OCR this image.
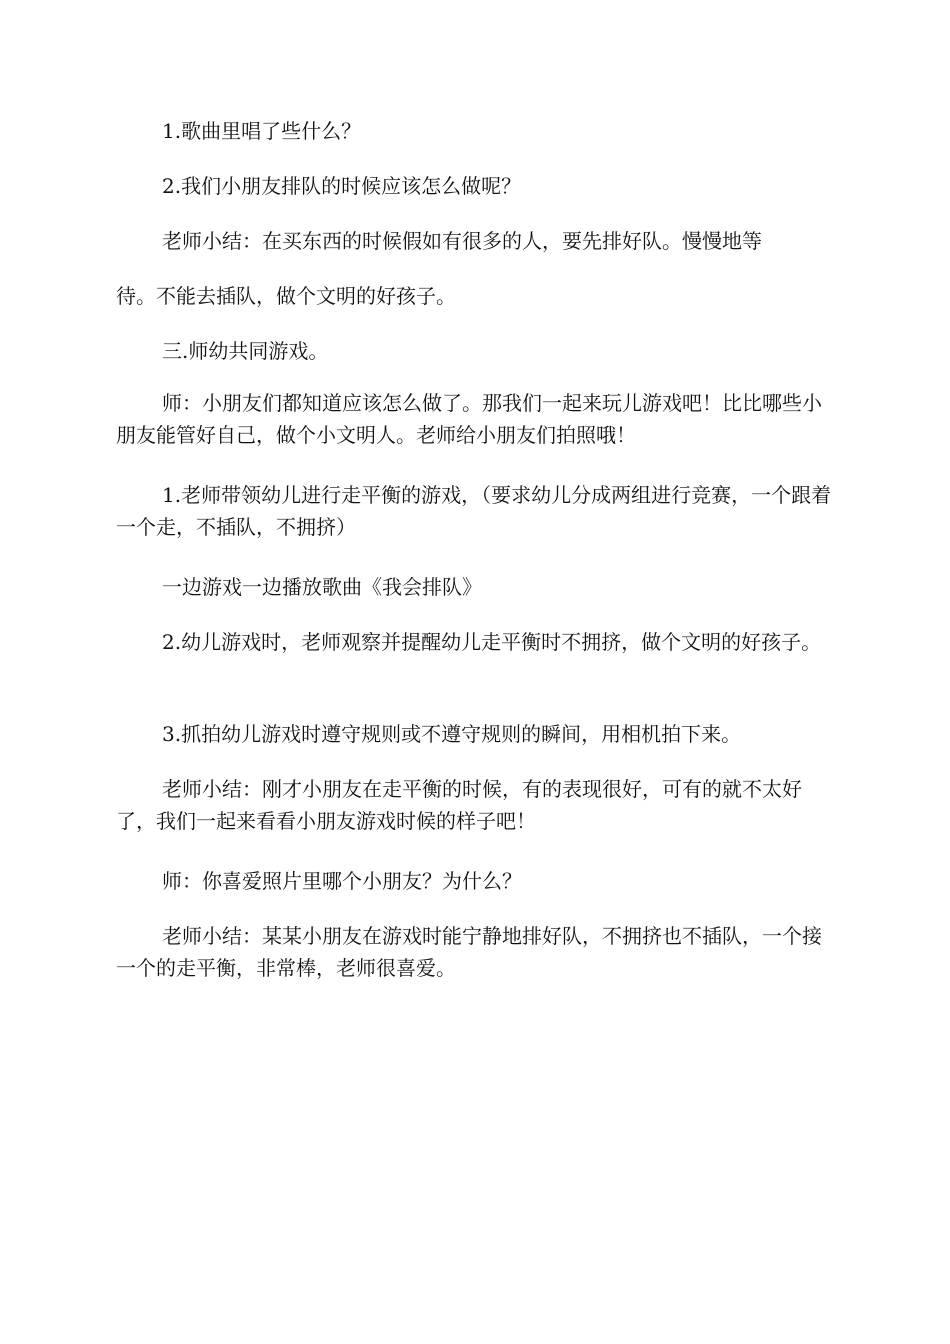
1.歌曲里唱了些什么？

2.我们小朋友排队的时候应该怎么做呢？

老师小结：在买东西的时候假如有很多的人，要先排好队。慢慢地等

待。不能去插队，做个文明的好孩子。

三.师幼共同游戏。

师：小朋友们都知道应该怎么做了。那我们一起来玩儿游戏吧！比比哪些小朋友能管好自己，做个小文明人。老师给小朋友们拍照哦！

1.老师带领幼儿进行走平衡的游戏，（要求幼儿分成两组进行竞赛，一个跟着一个走，不插队，不拥挤）

一边游戏一边播放歌曲《我会排队》

2.幼儿游戏时，老师观察并提醒幼儿走平衡时不拥挤，做个文明的好孩子。

3.抓拍幼儿游戏时遵守规则或不遵守规则的瞬间，用相机拍下来。

老师小结：刚才小朋友在走平衡的时候，有的表现很好，可有的就不太好了，我们一起来看看小朋友游戏时候的样子吧！

师：你喜爱照片里哪个小朋友？为什么？

老师小结：某某小朋友在游戏时能宁静地排好队，不拥挤也不插队，一个接一个的走平衡，非常棒，老师很喜爱。
